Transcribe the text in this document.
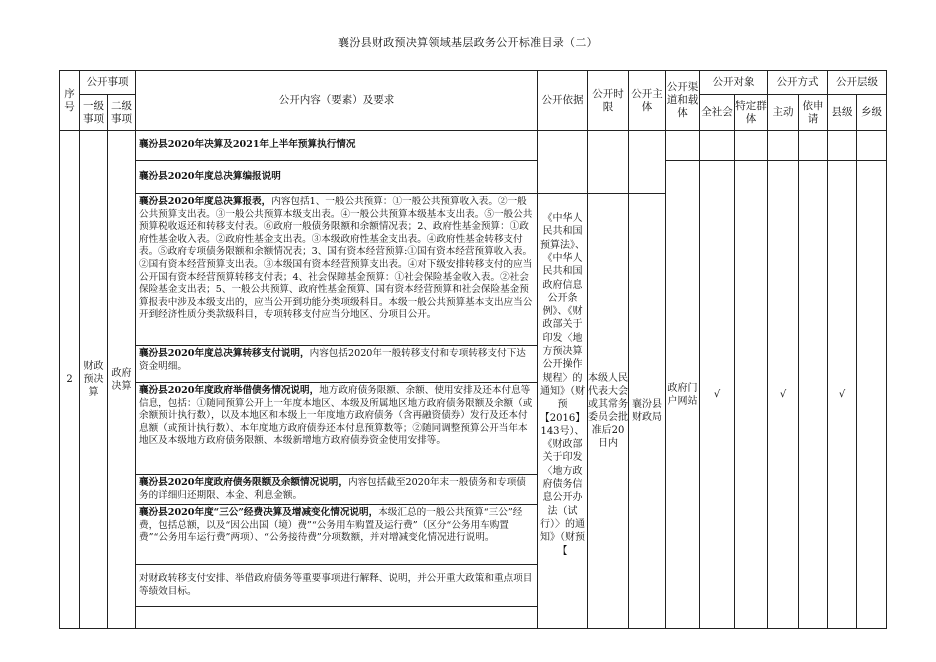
襄汾县财政预决算领域基层政务公开标准目录（二）
序号	公开事项		公开内容（要素）及要求	公开依据	公开时限	公开主体	公开渠道和载体	公开对象		公开方式		公开层级	
	一级事项	二级事项						全社会	特定群体	主动	依申请	县级	乡级
2	财政预决算	政府决算	襄汾县2020年决算及2021年上半年预算执行情况										
			襄汾县2020年度总决算编报说明				政府门户网站	√		√		√	

			襄汾县2020年度总决算报表，内容包括1、一般公共预算：①一般公共预算收入表。②一般公共预算支出表。③一般公共预算本级支出表。④一般公共预算本级基本支出表。⑤一般公共预算税收返还和转移支付表。⑥政府一般债务限额和余额情况表；2、政府性基金预算：①政府性基金收入表。②政府性基金支出表。③本级政府性基金支出表。④政府性基金转移支付表。⑤政府专项债务限额和余额情况表；3、国有资本经营预算:①国有资本经营预算收入表。②国有资本经营预算支出表。③本级国有资本经营预算支出表。④对下级安排转移支付的应当公开国有资本经营预算转移支付表；4、社会保障基金预算：①社会保险基金收入表。②社会保险基金支出表；5、一般公共预算、政府性基金预算、国有资本经营预算和社会保险基金预算报表中涉及本级支出的，应当公开到功能分类项级科目。本级一般公共预算基本支出应当公开到经济性质分类款级科目，专项转移支付应当分地区、分项目公开。	《中华人民共和国预算法》、《中华人民共和国政府信息公开条例》、《财政部关于印发〈地方预决算公开操作规程〉的通知》（财预【2016】143号）、《财政部关于印发〈地方政府债务信息公开办法（试行）〉的通知》（财预【	本级人民代表大会或其常务委员会批准后20日内	襄汾县财政局							
			襄汾县2020年度总决算转移支付说明，内容包括2020年一般转移支付和专项转移支付下达资金明细。										
			襄汾县2020年度政府举借债务情况说明，地方政府债务限额、余额、使用安排及还本付息等信息，包括：①随同预算公开上一年度本地区、本级及所属地区地方政府债务限额及余额（或余额预计执行数），以及本地区和本级上一年度地方政府债务（含再融资债券）发行及还本付息额（或预计执行数）、本年度地方政府债券还本付息预算数等；②随同调整预算公开当年本地区及本级地方政府债务限额、本级新增地方政府债券资金使用安排等。										
			襄汾县2020年度政府债务限额及余额情况说明，内容包括截至2020年末一般债务和专项债务的详细归还期限、本金、利息金额。										
			襄汾县2020年度“三公”经费决算及增减变化情况说明，本级汇总的一般公共预算“三公”经费，包括总额，以及“因公出国（境）费”“公务用车购置及运行费”（区分“公务用车购置费”“公务用车运行费”两项）、“公务接待费”分项数额，并对增减变化情况进行说明。										
			对财政转移支付安排、举借政府债务等重要事项进行解释、说明，并公开重大政策和重点项目等绩效目标。										
